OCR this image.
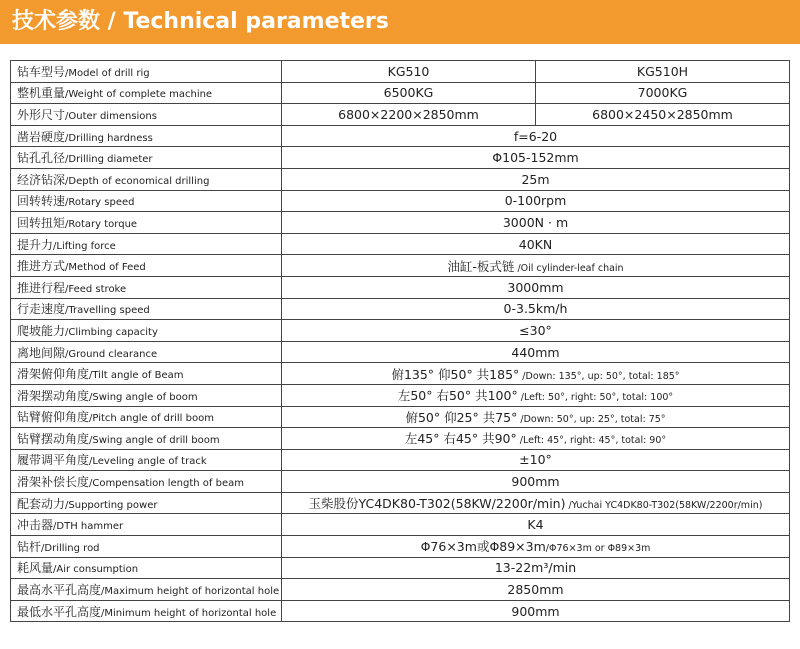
技术参数 / Technical parameters
钻车型号/Model of drill rig	KG510	KG510H
整机重量/Weight of complete machine	6500KG	7000KG
外形尺寸/Outer dimensions	6800×2200×2850mm	6800×2450×2850mm
凿岩硬度/Drilling hardness	f=6-20	
钻孔孔径/Drilling diameter	Φ105-152mm	
经济钻深/Depth of economical drilling	25m	
回转转速/Rotary speed	0-100rpm	
回转扭矩/Rotary torque	3000N · m	
提升力/Lifting force	40KN	
推进方式/Method of Feed	油缸-板式链 /Oil cylinder-leaf chain	
推进行程/Feed stroke	3000mm	
行走速度/Travelling speed	0-3.5km/h	
爬坡能力/Climbing capacity	≤30°	
离地间隙/Ground clearance	440mm	
滑架俯仰角度/Tilt angle of Beam	俯135° 仰50° 共185° /Down: 135°, up: 50°, total: 185°	
滑架摆动角度/Swing angle of boom	左50° 右50° 共100° /Left: 50°, right: 50°, total: 100°	
钻臂俯仰角度/Pitch angle of drill boom	俯50° 仰25° 共75° /Down: 50°, up: 25°, total: 75°	
钻臂摆动角度/Swing angle of drill boom	左45° 右45° 共90° /Left: 45°, right: 45°, total: 90°	
履带调平角度/Leveling angle of track	±10°	
滑架补偿长度/Compensation length of beam	900mm	
配套动力/Supporting power	玉柴股份YC4DK80-T302(58KW/2200r/min) /Yuchai YC4DK80-T302(58KW/2200r/min)	
冲击器/DTH hammer	K4	
钻杆/Drilling rod	Φ76×3m或Φ89×3m/Φ76×3m or Φ89×3m	
耗风量/Air consumption	13-22m³/min	
最高水平孔高度/Maximum height of horizontal hole	2850mm	
最低水平孔高度/Minimum height of horizontal hole	900mm	
